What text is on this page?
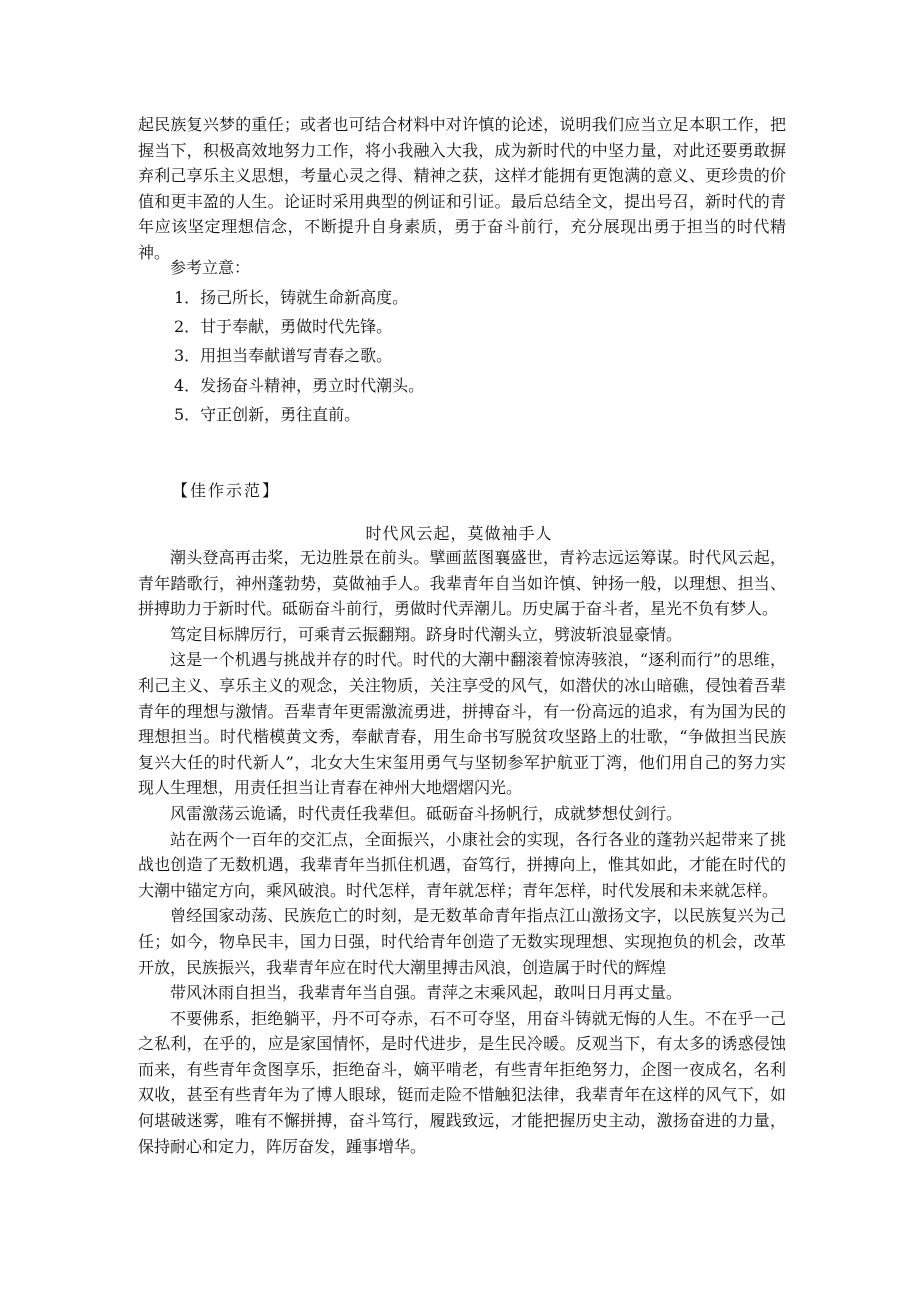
起民族复兴梦的重任；或者也可结合材料中对许慎的论述，说明我们应当立足本职工作，把握当下，积极高效地努力工作，将小我融入大我，成为新时代的中坚力量，对此还要勇敢摒弃利己享乐主义思想，考量心灵之得、精神之获，这样才能拥有更饱满的意义、更珍贵的价值和更丰盈的人生。论证时采用典型的例证和引证。最后总结全文，提出号召，新时代的青年应该坚定理想信念，不断提升自身素质，勇于奋斗前行，充分展现出勇于担当的时代精神。

参考立意：

1．扬己所长，铸就生命新高度。

2．甘于奉献，勇做时代先锋。

3．用担当奉献谱写青春之歌。

4．发扬奋斗精神，勇立时代潮头。

5．守正创新，勇往直前。

【佳作示范】

时代风云起，莫做袖手人

潮头登高再击桨，无边胜景在前头。擘画蓝图襄盛世，青衿志远运筹谋。时代风云起，青年踏歌行，神州蓬勃势，莫做袖手人。我辈青年自当如许慎、钟扬一般，以理想、担当、拼搏助力于新时代。砥砺奋斗前行，勇做时代弄潮儿。历史属于奋斗者，星光不负有梦人。

笃定目标牌厉行，可乘青云振翻翔。跻身时代潮头立，劈波斩浪显豪情。

这是一个机遇与挑战并存的时代。时代的大潮中翻滚着惊涛骇浪，“逐利而行”的思维，利己主义、享乐主义的观念，关注物质，关注享受的风气，如潜伏的冰山暗礁，侵蚀着吾辈青年的理想与激情。吾辈青年更需激流勇进，拼搏奋斗，有一份高远的追求，有为国为民的理想担当。时代楷模黄文秀，奉献青春，用生命书写脱贫攻坚路上的壮歌，“争做担当民族复兴大任的时代新人”，北女大生宋玺用勇气与坚韧参军护航亚丁湾，他们用自己的努力实现人生理想，用责任担当让青春在神州大地熠熠闪光。

风雷激荡云诡谲，时代责任我辈但。砥砺奋斗扬帆行，成就梦想仗剑行。

站在两个一百年的交汇点，全面振兴，小康社会的实现，各行各业的蓬勃兴起带来了挑战也创造了无数机遇，我辈青年当抓住机遇，奋笃行，拼搏向上，惟其如此，才能在时代的大潮中锚定方向，乘风破浪。时代怎样，青年就怎样；青年怎样，时代发展和未来就怎样。

曾经国家动荡、民族危亡的时刻，是无数革命青年指点江山激扬文字，以民族复兴为己任；如今，物阜民丰，国力日强，时代给青年创造了无数实现理想、实现抱负的机会，改革开放，民族振兴，我辈青年应在时代大潮里搏击风浪，创造属于时代的辉煌

带风沐雨自担当，我辈青年当自强。青萍之末乘风起，敢叫日月再丈量。

不要佛系，拒绝躺平，丹不可夺赤，石不可夺坚，用奋斗铸就无悔的人生。不在乎一己之私利，在乎的，应是家国情怀，是时代进步，是生民冷暖。反观当下，有太多的诱惑侵蚀而来，有些青年贪图享乐，拒绝奋斗，嫡平啃老，有些青年拒绝努力，企图一夜成名，名利双收，甚至有些青年为了博人眼球，铤而走险不惜触犯法律，我辈青年在这样的风气下，如何堪破迷雾，唯有不懈拼搏，奋斗笃行，履践致远，才能把握历史主动，激扬奋进的力量，保持耐心和定力，阵厉奋发，踵事增华。
